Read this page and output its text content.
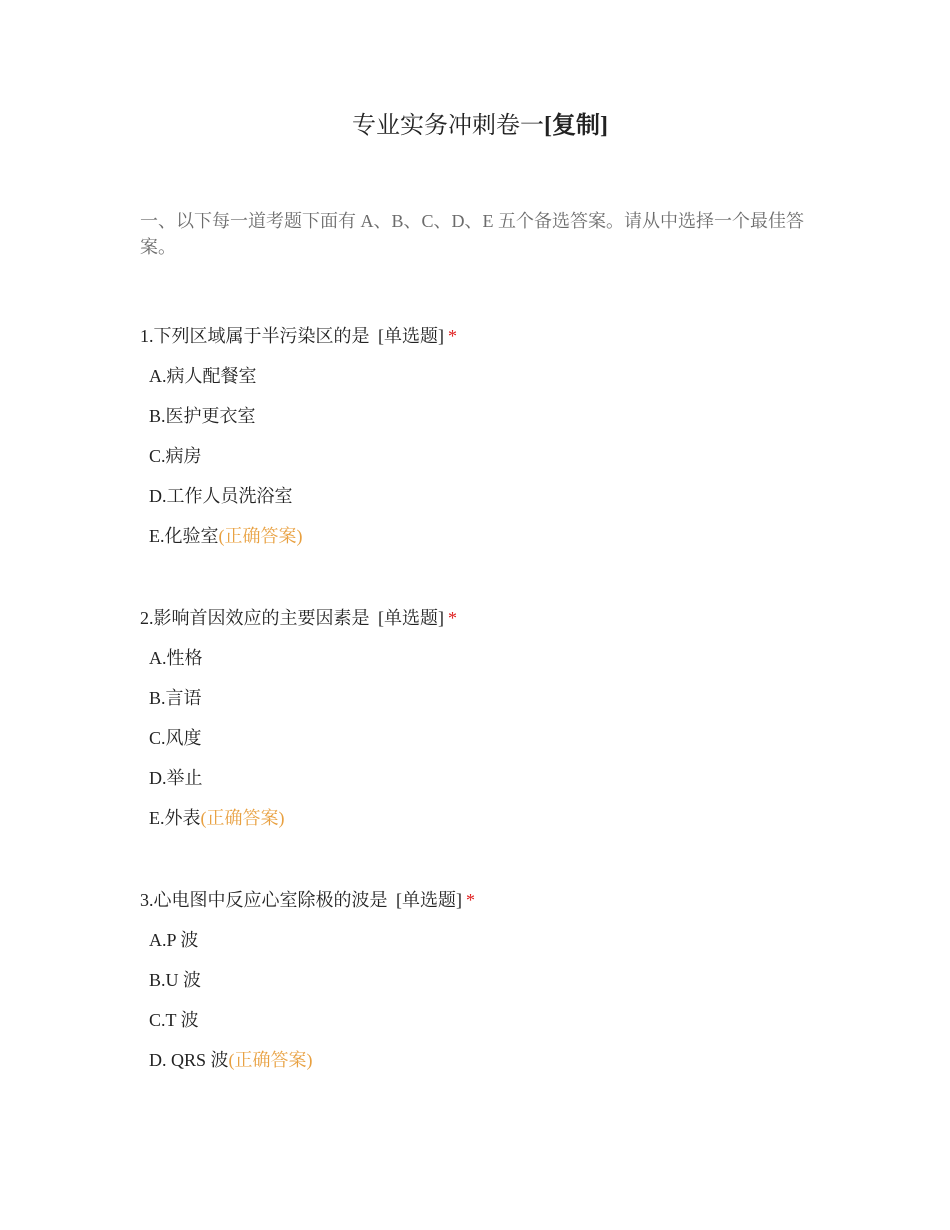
专业实务冲刺卷一[复制]
一、以下每一道考题下面有 A、B、C、D、E 五个备选答案。请从中选择一个最佳答案。
1.下列区域属于半污染区的是 [单选题] *
A.病人配餐室
B.医护更衣室
C.病房
D.工作人员洗浴室
E.化验室(正确答案)
2.影响首因效应的主要因素是 [单选题] *
A.性格
B.言语
C.风度
D.举止
E.外表(正确答案)
3.心电图中反应心室除极的波是 [单选题] *
A.P 波
B.U 波
C.T 波
D. QRS 波(正确答案)
